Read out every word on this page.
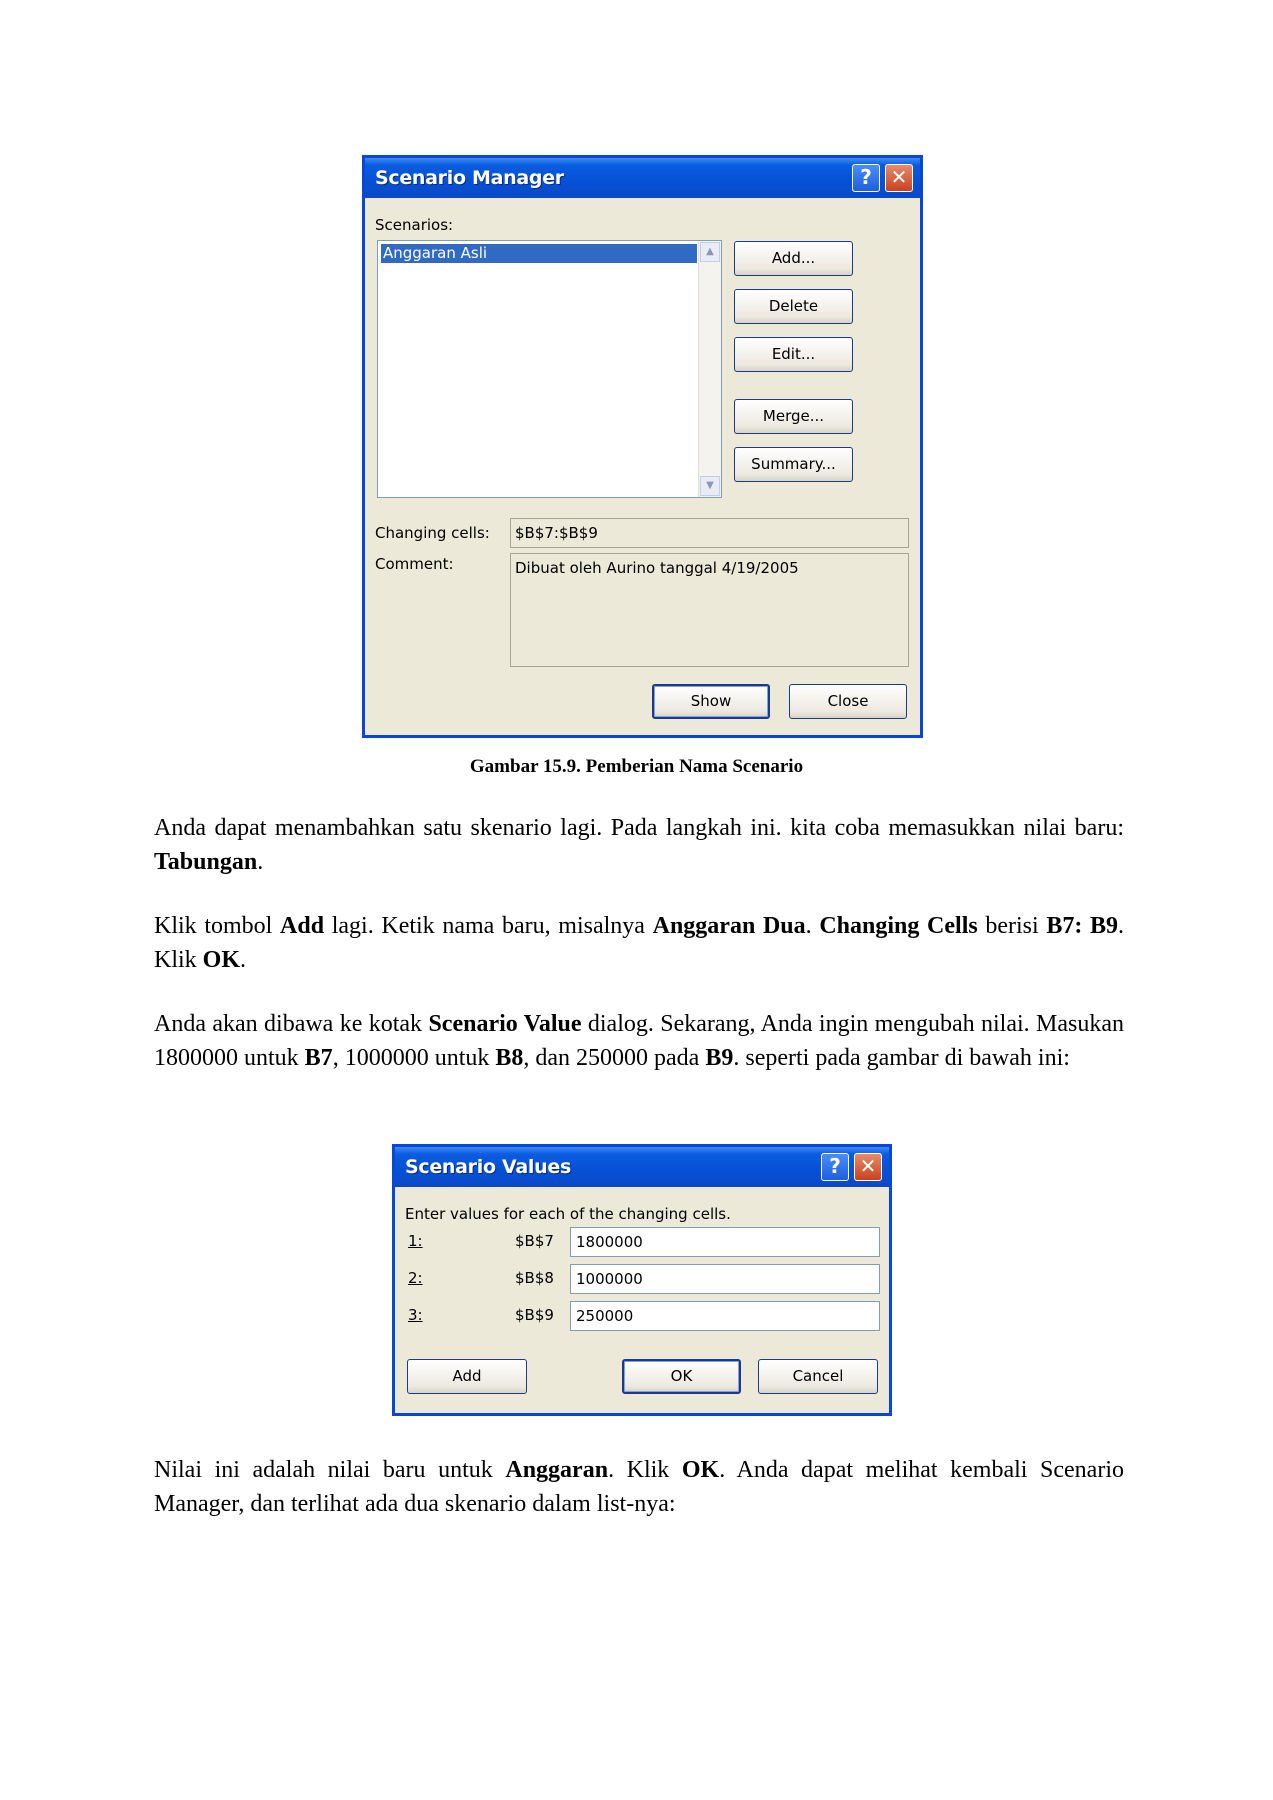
Scenario Manager	? ✕
Scenarios:
Anggaran Asli	▲
▼
Add...
Delete
Edit...
Merge...
Summary...
Changing cells:	$B$7:$B$9
Comment:	Dibuat oleh Aurino tanggal 4/19/2005
Show	Close
Gambar 15.9. Pemberian Nama Scenario

Anda dapat menambahkan satu skenario lagi. Pada langkah ini. kita coba memasukkan nilai baru: Tabungan.

Klik tombol Add lagi. Ketik nama baru, misalnya Anggaran Dua. Changing Cells berisi B7: B9. Klik OK.

Anda akan dibawa ke kotak Scenario Value dialog. Sekarang, Anda ingin mengubah nilai. Masukan 1800000 untuk B7, 1000000 untuk B8, dan 250000 pada B9. seperti pada gambar di bawah ini:

Scenario Values	? ✕
Enter values for each of the changing cells.
1:	$B$7	1800000
2:	$B$8	1000000
3:	$B$9	250000
Add	OK	Cancel

Nilai ini adalah nilai baru untuk Anggaran. Klik OK. Anda dapat melihat kembali Scenario Manager, dan terlihat ada dua skenario dalam list-nya:
